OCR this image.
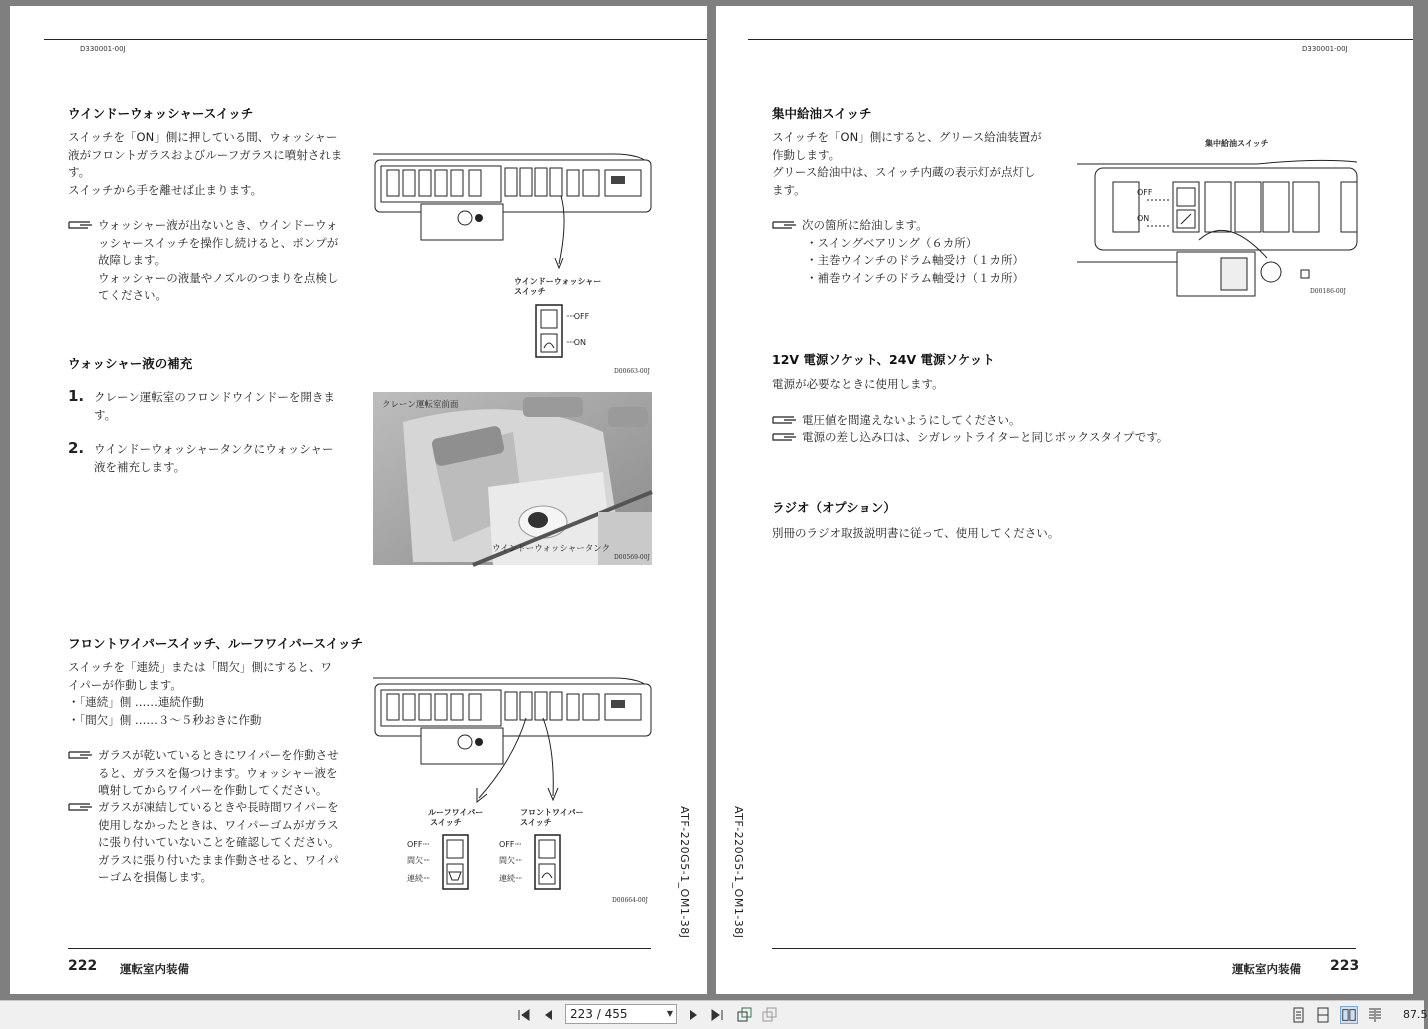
D330001-00J
ウインドーウォッシャースイッチ
スイッチを「ON」側に押している間、ウォッシャー
液がフロントガラスおよびルーフガラスに噴射されます。
スイッチから手を離せば止まります。
ウォッシャー液が出ないとき、ウインドーウォ
ッシャースイッチを操作し続けると、ポンプが
故障します。
ウォッシャーの液量やノズルのつまりを点検し
てください。
ウインドーウォッシャー
スイッチ
·····OFF
·····ON
D00663-00J
ウォッシャー液の補充
1. クレーン運転室のフロンドウインドーを開きま
す。
2. ウインドーウォッシャータンクにウォッシャー
液を補充します。
クレーン運転室前面
ウインドーウォッシャータンク
D00569-00J
フロントワイパースイッチ、ルーフワイパースイッチ
スイッチを「連続」または「間欠」側にすると、ワ
イパーが作動します。
・「連続」側 ……連続作動
・「間欠」側 ……３～５秒おきに作動
ガラスが乾いているときにワイパーを作動させ
ると、ガラスを傷つけます。ウォッシャー液を
噴射してからワイパーを作動してください。
ガラスが凍結しているときや長時間ワイパーを
使用しなかったときは、ワイパーゴムがガラス
に張り付いていないことを確認してください。
ガラスに張り付いたまま作動させると、ワイパ
ーゴムを損傷します。
ルーフワイパー
スイッチ
フロントワイパー
スイッチ
OFF····
間欠····
連続····
OFF····
間欠····
連続····
D00664-00J	ATF-220G5-1_OM1-38J
222 運転室内装備
D330001-00J
集中給油スイッチ
スイッチを「ON」側にすると、グリース給油装置が
作動します。
グリース給油中は、スイッチ内蔵の表示灯が点灯し
ます。
次の箇所に給油します。
・スイングベアリング（６カ所）
・主巻ウインチのドラム軸受け（１カ所）
・補巻ウインチのドラム軸受け（１カ所）
集中給油スイッチ
OFF
ON
D00186-00J
12V 電源ソケット、24V 電源ソケット
電源が必要なときに使用します。
電圧値を間違えないようにしてください。
電源の差し込み口は、シガレットライターと同じボックスタイプです。
ラジオ（オプション）
別冊のラジオ取扱説明書に従って、使用してください。
ATF-220G5-1_OM1-38J
運転室内装備 223
223 / 455	▼	87.5
